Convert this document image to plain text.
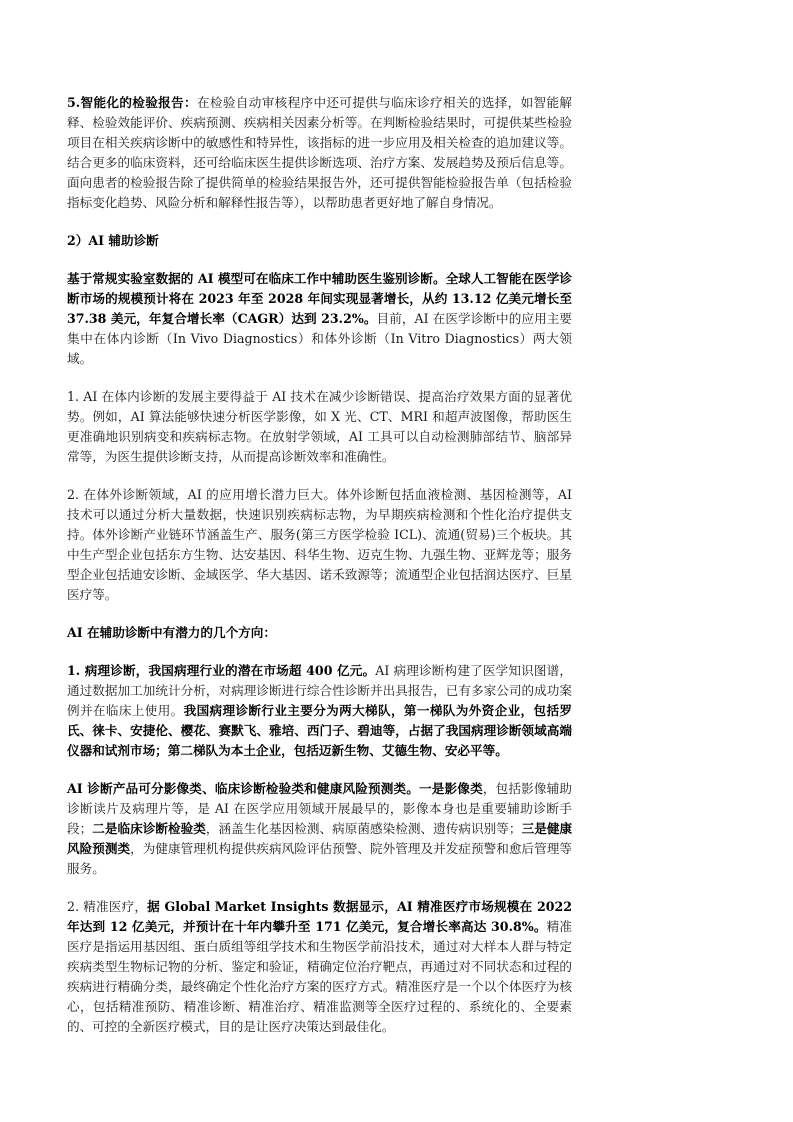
5.智能化的检验报告：在检验自动审核程序中还可提供与临床诊疗相关的选择，如智能解释、检验效能评价、疾病预测、疾病相关因素分析等。在判断检验结果时，可提供某些检验项目在相关疾病诊断中的敏感性和特异性，该指标的进一步应用及相关检查的追加建议等。结合更多的临床资料，还可给临床医生提供诊断选项、治疗方案、发展趋势及预后信息等。面向患者的检验报告除了提供简单的检验结果报告外，还可提供智能检验报告单（包括检验指标变化趋势、风险分析和解释性报告等），以帮助患者更好地了解自身情况。

2）AI 辅助诊断

基于常规实验室数据的 AI 模型可在临床工作中辅助医生鉴别诊断。全球人工智能在医学诊断市场的规模预计将在 2023 年至 2028 年间实现显著增长，从约 13.12 亿美元增长至 37.38 美元，年复合增长率（CAGR）达到 23.2%。目前，AI 在医学诊断中的应用主要集中在体内诊断（In Vivo Diagnostics）和体外诊断（In Vitro Diagnostics）两大领域。

1. AI 在体内诊断的发展主要得益于 AI 技术在减少诊断错误、提高治疗效果方面的显著优势。例如，AI 算法能够快速分析医学影像，如 X 光、CT、MRI 和超声波图像，帮助医生更准确地识别病变和疾病标志物。在放射学领域，AI 工具可以自动检测肺部结节、脑部异常等，为医生提供诊断支持，从而提高诊断效率和准确性。

2. 在体外诊断领域，AI 的应用增长潜力巨大。体外诊断包括血液检测、基因检测等，AI 技术可以通过分析大量数据，快速识别疾病标志物，为早期疾病检测和个性化治疗提供支持。体外诊断产业链环节涵盖生产、服务(第三方医学检验 ICL)、流通(贸易)三个板块。其中生产型企业包括东方生物、达安基因、科华生物、迈克生物、九强生物、亚辉龙等；服务型企业包括迪安诊断、金域医学、华大基因、诺禾致源等；流通型企业包括润达医疗、巨星医疗等。

AI 在辅助诊断中有潜力的几个方向：

1. 病理诊断，我国病理行业的潜在市场超 400 亿元。AI 病理诊断构建了医学知识图谱，通过数据加工加统计分析，对病理诊断进行综合性诊断并出具报告，已有多家公司的成功案例并在临床上使用。我国病理诊断行业主要分为两大梯队，第一梯队为外资企业，包括罗氏、徕卡、安捷伦、樱花、赛默飞、雅培、西门子、碧迪等，占据了我国病理诊断领域高端仪器和试剂市场；第二梯队为本土企业，包括迈新生物、艾德生物、安必平等。

AI 诊断产品可分影像类、临床诊断检验类和健康风险预测类。一是影像类，包括影像辅助诊断读片及病理片等，是 AI 在医学应用领域开展最早的，影像本身也是重要辅助诊断手段；二是临床诊断检验类，涵盖生化基因检测、病原菌感染检测、遗传病识别等；三是健康风险预测类，为健康管理机构提供疾病风险评估预警、院外管理及并发症预警和愈后管理等服务。

2. 精准医疗，据 Global Market Insights 数据显示，AI 精准医疗市场规模在 2022 年达到 12 亿美元，并预计在十年内攀升至 171 亿美元，复合增长率高达 30.8%。精准医疗是指运用基因组、蛋白质组等组学技术和生物医学前沿技术，通过对大样本人群与特定疾病类型生物标记物的分析、鉴定和验证，精确定位治疗靶点，再通过对不同状态和过程的疾病进行精确分类，最终确定个性化治疗方案的医疗方式。精准医疗是一个以个体医疗为核心，包括精准预防、精准诊断、精准治疗、精准监测等全医疗过程的、系统化的、全要素的、可控的全新医疗模式，目的是让医疗决策达到最佳化。
